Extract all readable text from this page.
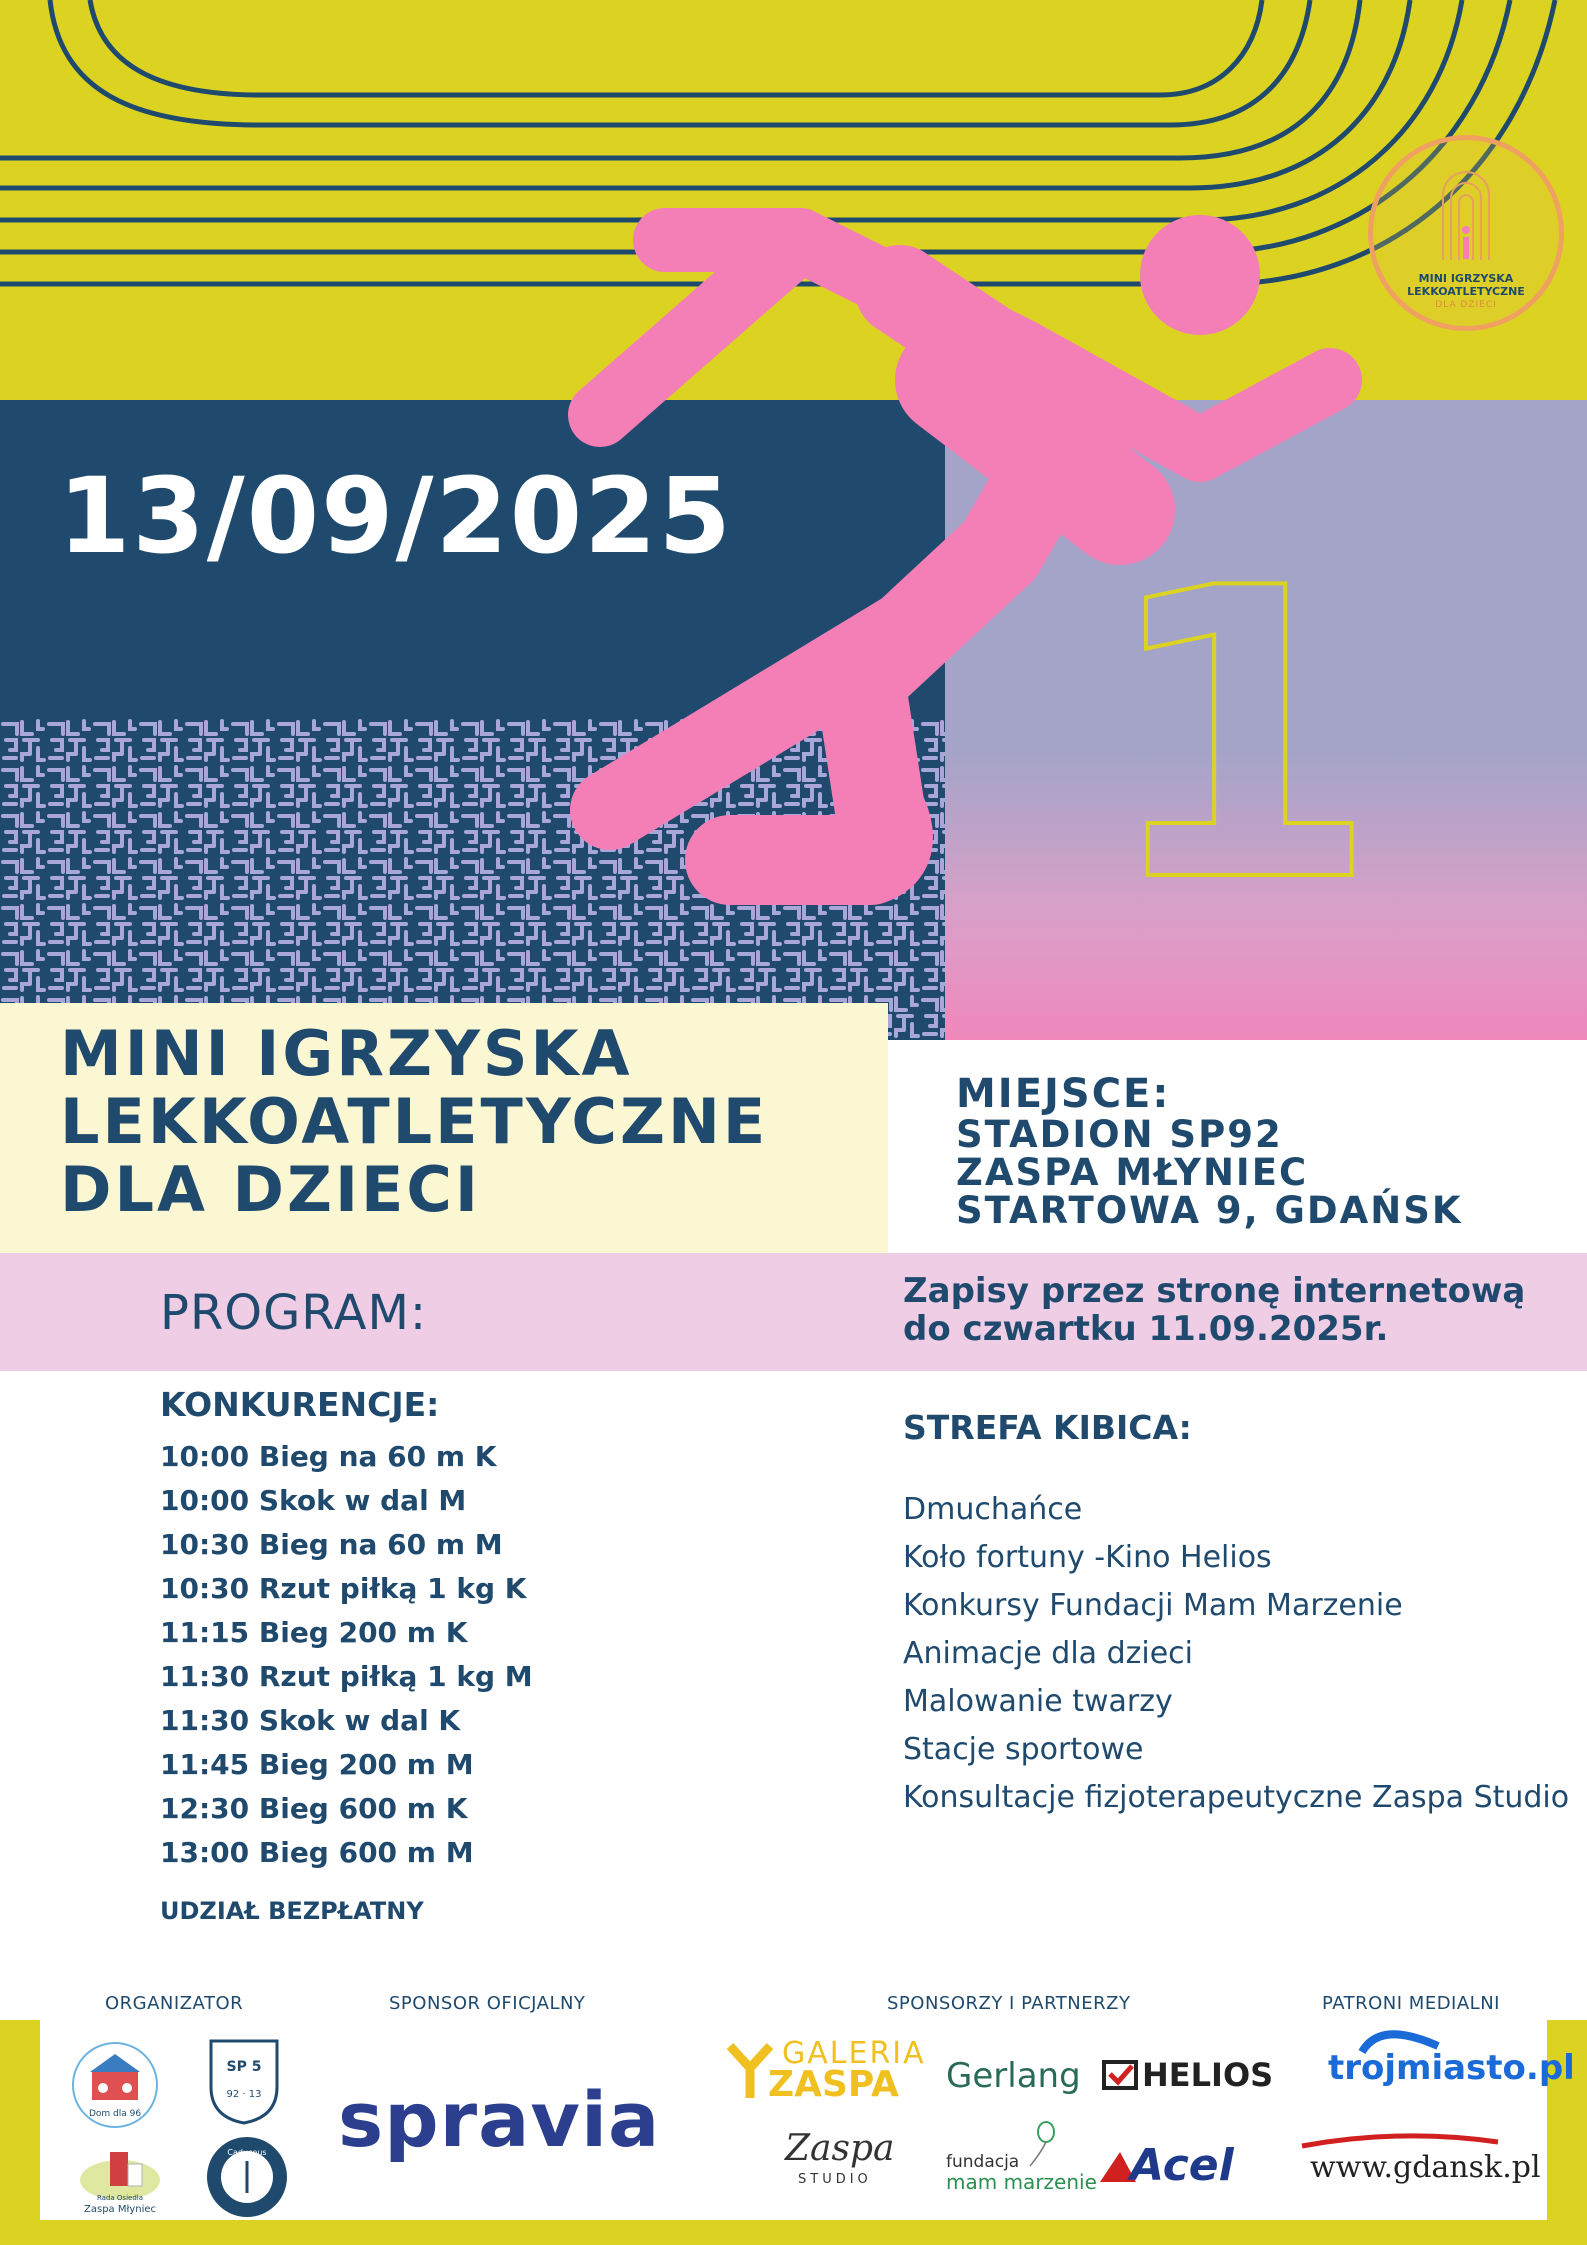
1
MINI IGRZYSKA
LEKKOATLETYCZNE
DLA DZIECI
13/09/2025
MINI IGRZYSKA
LEKKOATLETYCZNE
DLA DZIECI
MIEJSCE:
STADION SP92
ZASPA MŁYNIEC
STARTOWA 9, GDAŃSK
PROGRAM:	Zapisy przez stronę internetową
do czwartku 11.09.2025r.
KONKURENCJE:
10:00 Bieg na 60 m K
10:00 Skok w dal M
10:30 Bieg na 60 m M
10:30 Rzut piłką 1 kg K
11:15 Bieg 200 m K
11:30 Rzut piłką 1 kg M
11:30 Skok w dal K
11:45 Bieg 200 m M
12:30 Bieg 600 m K
13:00 Bieg 600 m M
UDZIAŁ BEZPŁATNY
STREFA KIBICA:
Dmuchańce
Koło fortuny -Kino Helios
Konkursy Fundacji Mam Marzenie
Animacje dla dzieci
Malowanie twarzy
Stacje sportowe
Konsultacje fizjoterapeutyczne Zaspa Studio
ORGANIZATOR	SPONSOR OFICJALNY	SPONSORZY I PARTNERZY	PATRONI MEDIALNI
Dom dla 96
SP 5
92 · 13
Rada Osiedla
Zaspa Młyniec
Caduceus spravia
GALERIA
ZASPA Gerlang HELIOS trojmiasto.pl
Zaspa
STUDIO
fundacja
mam marzenie Acel	www.gdansk.pl
